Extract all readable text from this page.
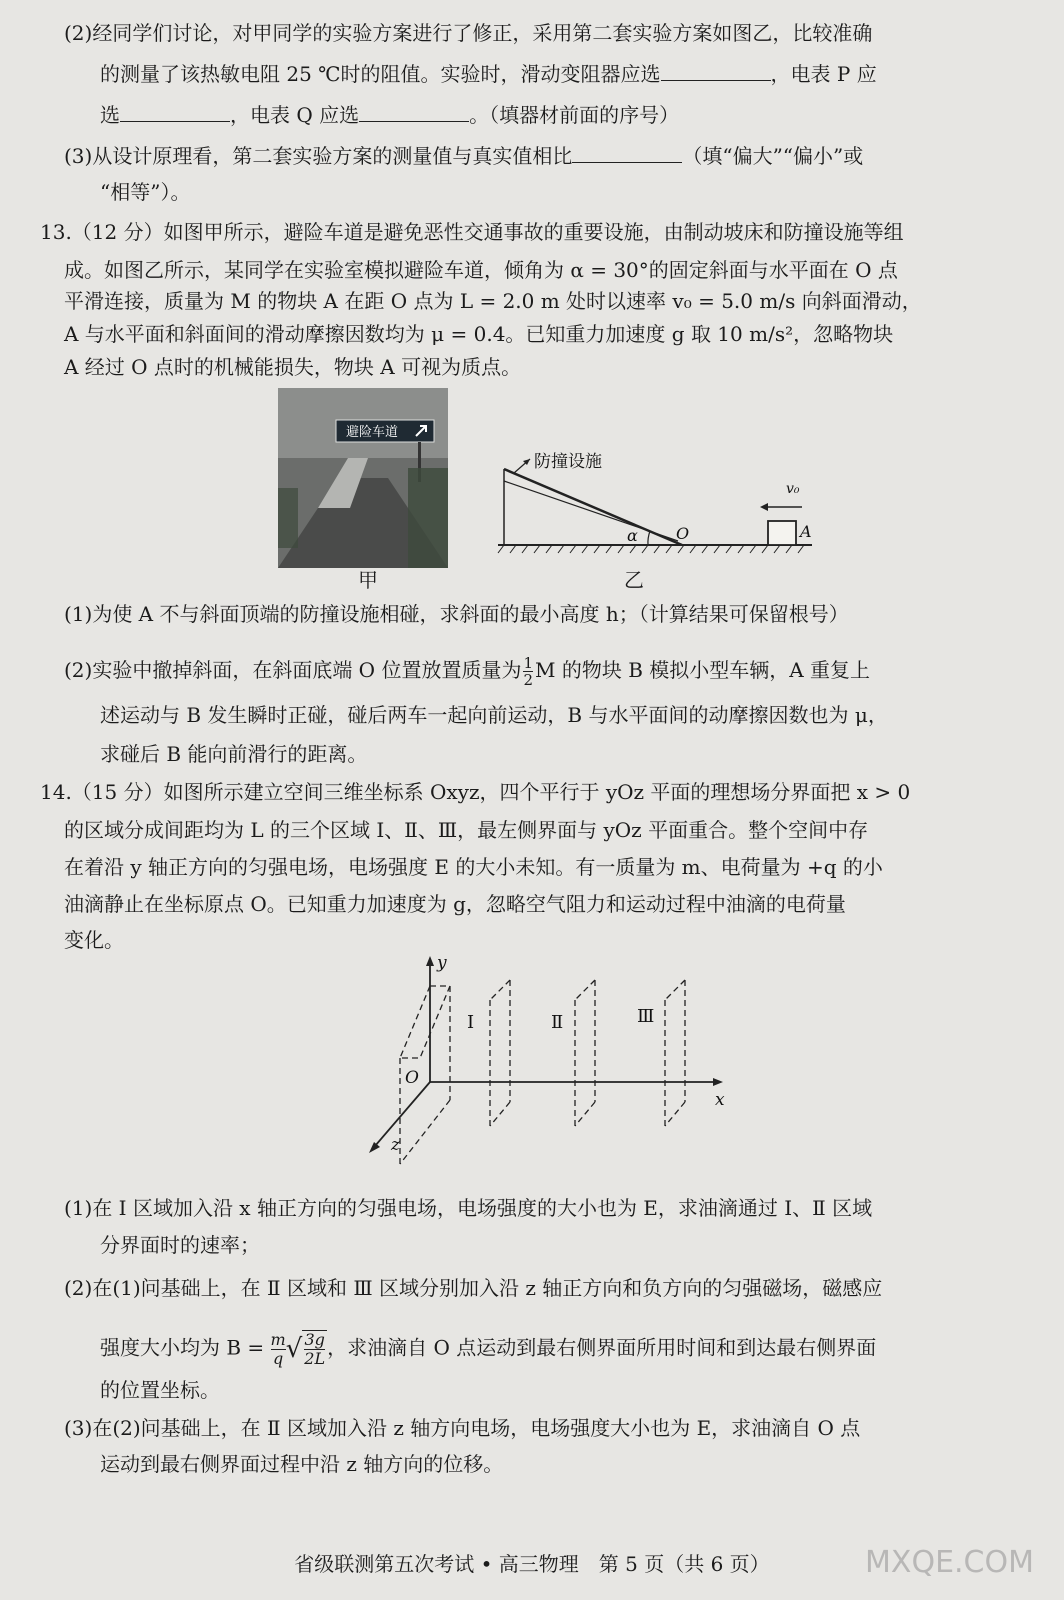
(2)经同学们讨论，对甲同学的实验方案进行了修正，采用第二套实验方案如图乙，比较准确
的测量了该热敏电阻 25 ℃时的阻值。实验时，滑动变阻器应选	，电表 P 应
选	，电表 Q 应选	。（填器材前面的序号）
(3)从设计原理看，第二套实验方案的测量值与真实值相比	（填“偏大”“偏小”或
“相等”）。
13.（12 分）如图甲所示，避险车道是避免恶性交通事故的重要设施，由制动坡床和防撞设施等组
成。如图乙所示，某同学在实验室模拟避险车道，倾角为 α = 30°的固定斜面与水平面在 O 点
平滑连接，质量为 M 的物块 A 在距 O 点为 L = 2.0 m 处时以速率 v₀ = 5.0 m/s 向斜面滑动，
A 与水平面和斜面间的滑动摩擦因数均为 μ = 0.4。已知重力加速度 g 取 10 m/s²，忽略物块
A 经过 O 点时的机械能损失，物块 A 可视为质点。
避险车道
甲
防撞设施
α O	A
v₀
乙
(1)为使 A 不与斜面顶端的防撞设施相碰，求斜面的最小高度 h；（计算结果可保留根号）
(2)实验中撤掉斜面，在斜面底端 O 位置放置质量为 $\frac{1}{2}$ M 的物块 B 模拟小型车辆，A 重复上
述运动与 B 发生瞬时正碰，碰后两车一起向前运动，B 与水平面间的动摩擦因数也为 μ，
求碰后 B 能向前滑行的距离。
14.（15 分）如图所示建立空间三维坐标系 Oxyz，四个平行于 yOz 平面的理想场分界面把 x > 0
的区域分成间距均为 L 的三个区域 Ⅰ、Ⅱ、Ⅲ，最左侧界面与 yOz 平面重合。整个空间中存
在着沿 y 轴正方向的匀强电场，电场强度 E 的大小未知。有一质量为 m、电荷量为 +q 的小
油滴静止在坐标原点 O。已知重力加速度为 g，忽略空气阻力和运动过程中油滴的电荷量
变化。
y
x
z
O
Ⅰ	Ⅱ	Ⅲ
(1)在 Ⅰ 区域加入沿 x 轴正方向的匀强电场，电场强度的大小也为 E，求油滴通过 Ⅰ、Ⅱ 区域
分界面时的速率；
(2)在(1)问基础上，在 Ⅱ 区域和 Ⅲ 区域分别加入沿 z 轴正方向和负方向的匀强磁场，磁感应
强度大小均为 $B = \frac{m}{q}$ √ $\frac{3g}{2L}$ ，求油滴自 O 点运动到最右侧界面所用时间和到达最右侧界面
的位置坐标。
(3)在(2)问基础上，在 Ⅱ 区域加入沿 z 轴方向电场，电场强度大小也为 E，求油滴自 O 点
运动到最右侧界面过程中沿 z 轴方向的位移。
省级联测第五次考试 • 高三物理　第 5 页（共 6 页）	MXQE.COM
